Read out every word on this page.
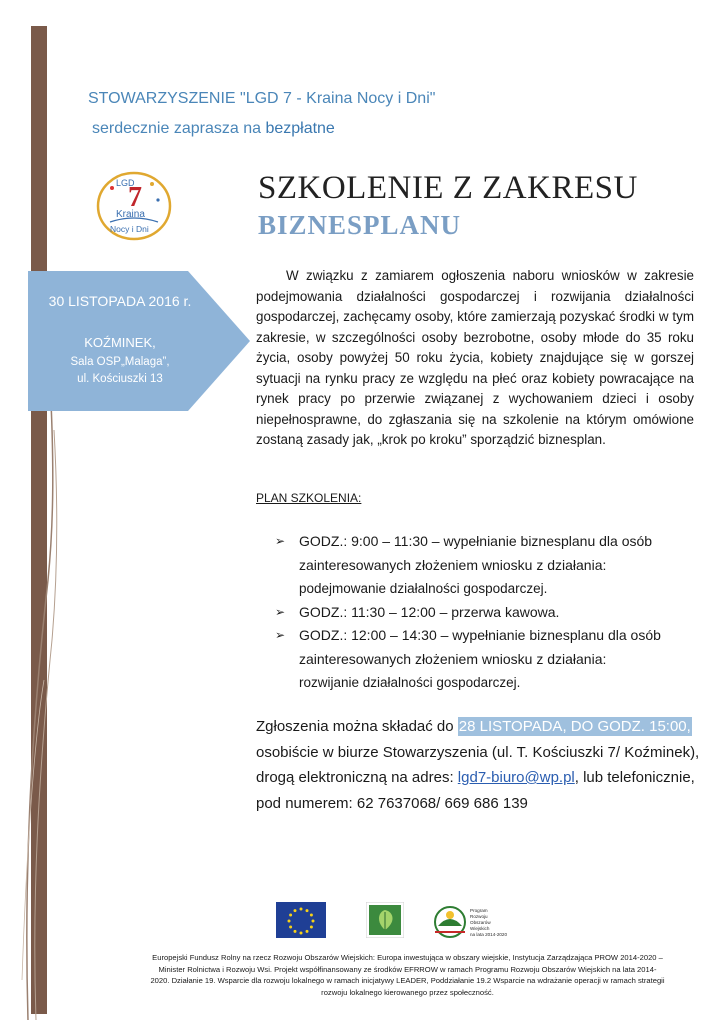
STOWARZYSZENIE "LGD 7 - Kraina Nocy i Dni"
serdecznie zaprasza na bezpłatne
LGD
7
Kraina
Nocy i Dni
SZKOLENIE Z ZAKRESU
BIZNESPLANU
30 LISTOPADA 2016 r.
KOŹMINEK,
Sala OSP„Malaga”,
ul. Kościuszki 13
W związku z zamiarem ogłoszenia naboru wniosków w zakresie podejmowania działalności gospodarczej i rozwijania działalności gospodarczej, zachęcamy osoby, które zamierzają pozyskać środki w tym zakresie, w szczególności osoby bezrobotne, osoby młode do 35 roku życia, osoby powyżej 50 roku życia, kobiety znajdujące się w gorszej sytuacji na rynku pracy ze względu na płeć oraz kobiety powracające na rynek pracy po przerwie związanej z wychowaniem dzieci i osoby niepełnosprawne, do zgłaszania się na szkolenie na którym omówione zostaną zasady jak, „krok po kroku” sporządzić biznesplan.
PLAN SZKOLENIA:
➢ GODZ.: 9:00 – 11:30 – wypełnianie biznesplanu dla osób zainteresowanych złożeniem wniosku z działania:
podejmowanie działalności gospodarczej.
➢ GODZ.: 11:30 – 12:00 – przerwa kawowa.
➢ GODZ.: 12:00 – 14:30 – wypełnianie biznesplanu dla osób zainteresowanych złożeniem wniosku z działania:
rozwijanie działalności gospodarczej.
Zgłoszenia można składać do 28 LISTOPADA, DO GODZ. 15:00, osobiście w biurze Stowarzyszenia (ul. T. Kościuszki 7/ Koźminek), drogą elektroniczną na adres: lgd7-biuro@wp.pl, lub telefonicznie, pod numerem: 62 7637068/ 669 686 139
Program
Rozwoju
Obszarów
Wiejskich
na lata 2014-2020
Europejski Fundusz Rolny na rzecz Rozwoju Obszarów Wiejskich: Europa inwestująca w obszary wiejskie, Instytucja Zarządzająca PROW 2014-2020 – Minister Rolnictwa i Rozwoju Wsi. Projekt współfinansowany ze środków EFRROW w ramach Programu Rozwoju Obszarów Wiejskich na lata 2014-2020. Działanie 19. Wsparcie dla rozwoju lokalnego w ramach inicjatywy LEADER, Poddziałanie 19.2 Wsparcie na wdrażanie operacji w ramach strategii rozwoju lokalnego kierowanego przez społeczność.
